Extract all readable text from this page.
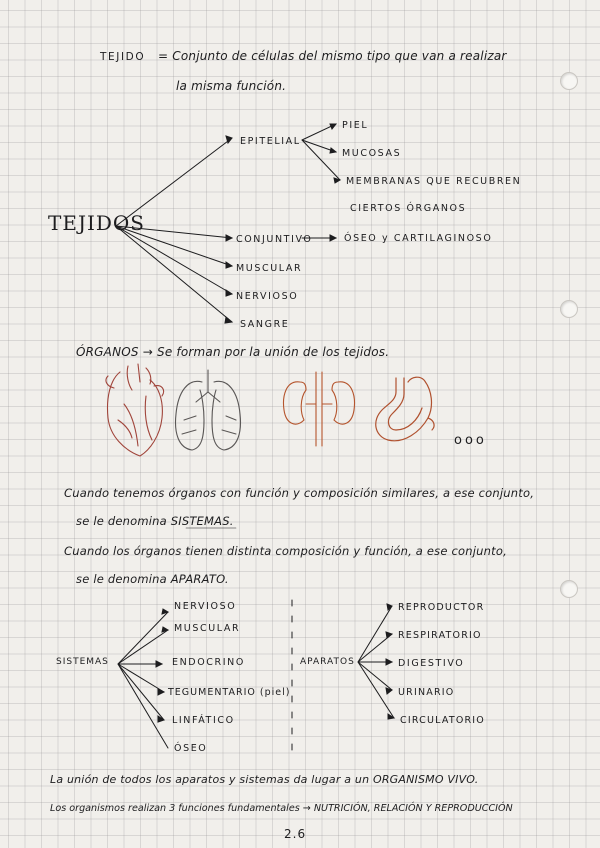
TEJIDO = Conjunto de células del mismo tipo que van a realizar
la misma función.
TEJIDOS
EPITELIAL
PIEL
MUCOSAS
MEMBRANAS QUE RECUBREN
CIERTOS ÓRGANOS
CONJUNTIVO	ÓSEO y CARTILAGINOSO
MUSCULAR
NERVIOSO
SANGRE
ÓRGANOS → Se forman por la unión de los tejidos.
ooo
Cuando tenemos órganos con función y composición similares, a ese conjunto,
se le denomina SISTEMAS.
Cuando los órganos tienen distinta composición y función, a ese conjunto,
se le denomina APARATO.
SISTEMAS
NERVIOSO
MUSCULAR
ENDOCRINO
TEGUMENTARIO (piel)
LINFÁTICO
ÓSEO
APARATOS
REPRODUCTOR
RESPIRATORIO
DIGESTIVO
URINARIO
CIRCULATORIO
La unión de todos los aparatos y sistemas da lugar a un ORGANISMO VIVO.
Los organismos realizan 3 funciones fundamentales → NUTRICIÓN, RELACIÓN Y REPRODUCCIÓN
2.6
